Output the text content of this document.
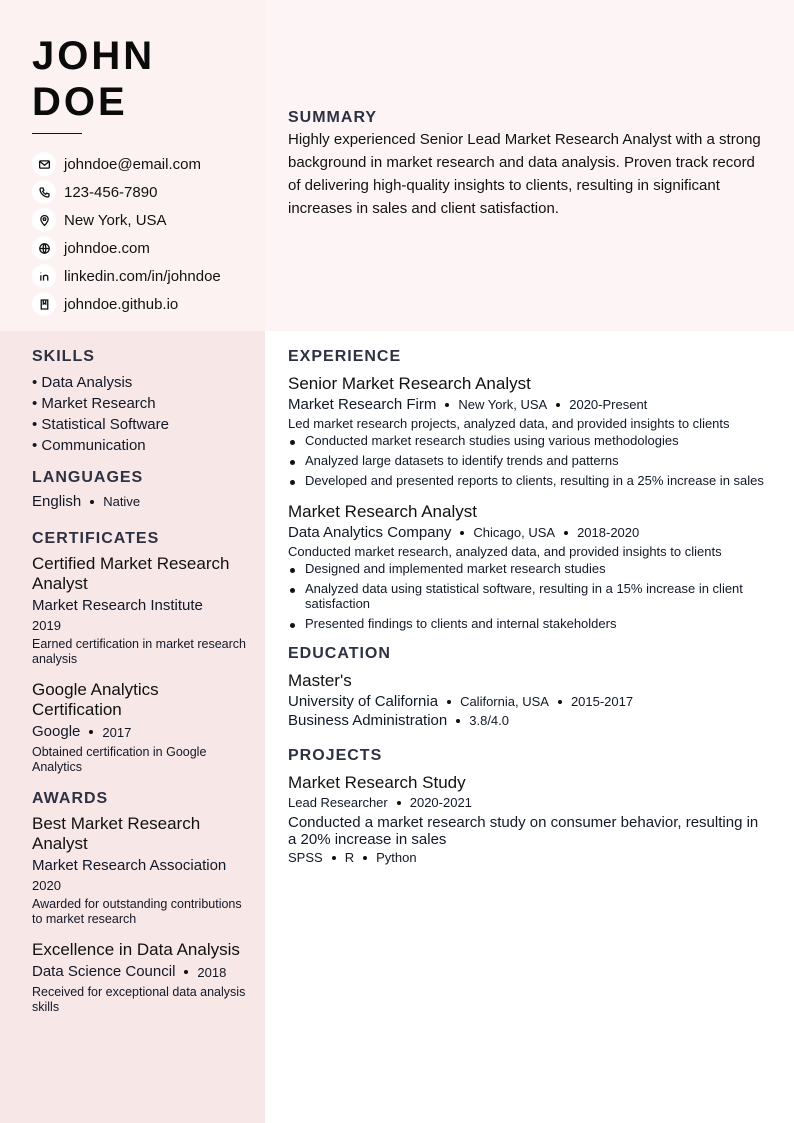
JOHN
DOE
johndoe@email.com
123-456-7890
New York, USA
johndoe.com
linkedin.com/in/johndoe
johndoe.github.io
SUMMARY
Highly experienced Senior Lead Market Research Analyst with a strong background in market research and data analysis. Proven track record of delivering high-quality insights to clients, resulting in significant increases in sales and client satisfaction.
SKILLS
• Data Analysis
• Market Research
• Statistical Software
• Communication
LANGUAGES
English Native
CERTIFICATES
Certified Market Research Analyst
Market Research Institute
2019
Earned certification in market research analysis
Google Analytics Certification
Google 2017
Obtained certification in Google Analytics
AWARDS
Best Market Research Analyst
Market Research Association
2020
Awarded for outstanding contributions to market research
Excellence in Data Analysis
Data Science Council 2018
Received for exceptional data analysis skills
EXPERIENCE
Senior Market Research Analyst
Market Research Firm New York, USA 2020-Present
Led market research projects, analyzed data, and provided insights to clients
Conducted market research studies using various methodologies
Analyzed large datasets to identify trends and patterns
Developed and presented reports to clients, resulting in a 25% increase in sales
Market Research Analyst
Data Analytics Company Chicago, USA 2018-2020
Conducted market research, analyzed data, and provided insights to clients
Designed and implemented market research studies
Analyzed data using statistical software, resulting in a 15% increase in client satisfaction
Presented findings to clients and internal stakeholders
EDUCATION
Master's
University of California California, USA 2015-2017
Business Administration 3.8/4.0
PROJECTS
Market Research Study
Lead Researcher 2020-2021
Conducted a market research study on consumer behavior, resulting in a 20% increase in sales
SPSS R Python
